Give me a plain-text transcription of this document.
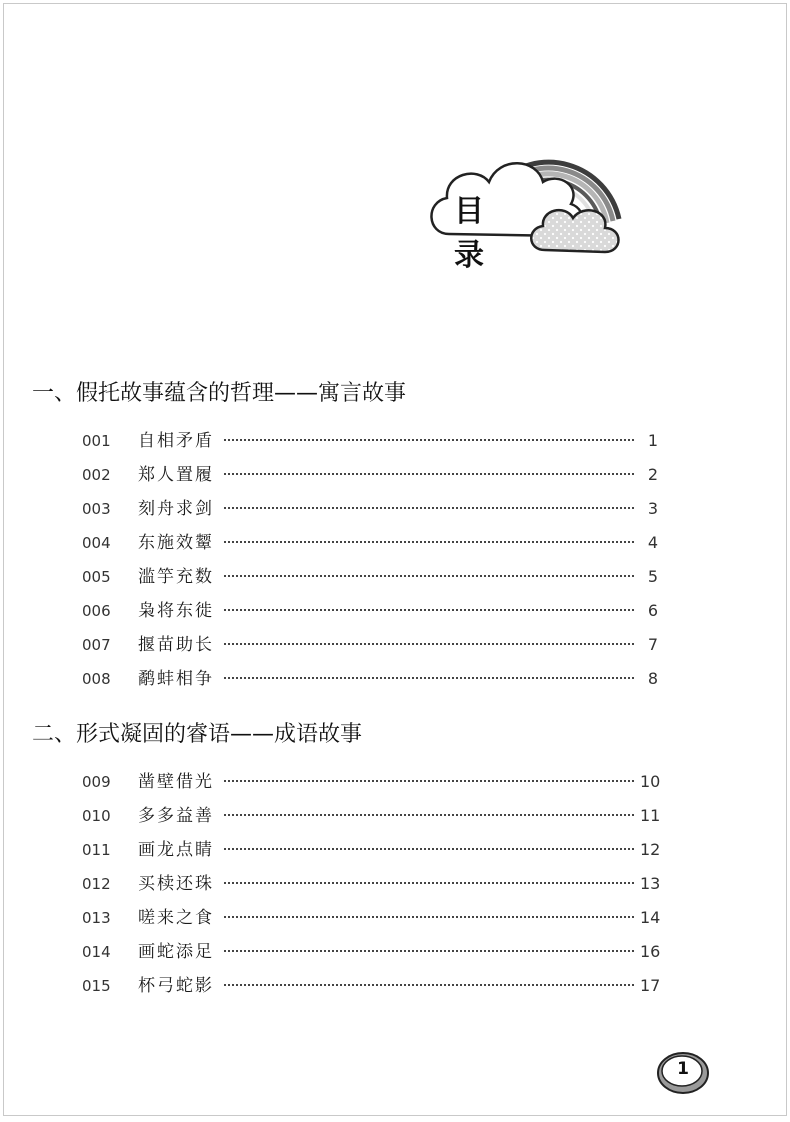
目 录
一、假托故事蕴含的哲理——寓言故事
001	自相矛盾	1
002	郑人置履	2
003	刻舟求剑	3
004	东施效颦	4
005	滥竽充数	5
006	枭将东徙	6
007	揠苗助长	7
008	鹬蚌相争	8
二、形式凝固的睿语——成语故事
009	凿壁借光	10
010	多多益善	11
011	画龙点睛	12
012	买椟还珠	13
013	嗟来之食	14
014	画蛇添足	16
015	杯弓蛇影	17
1
